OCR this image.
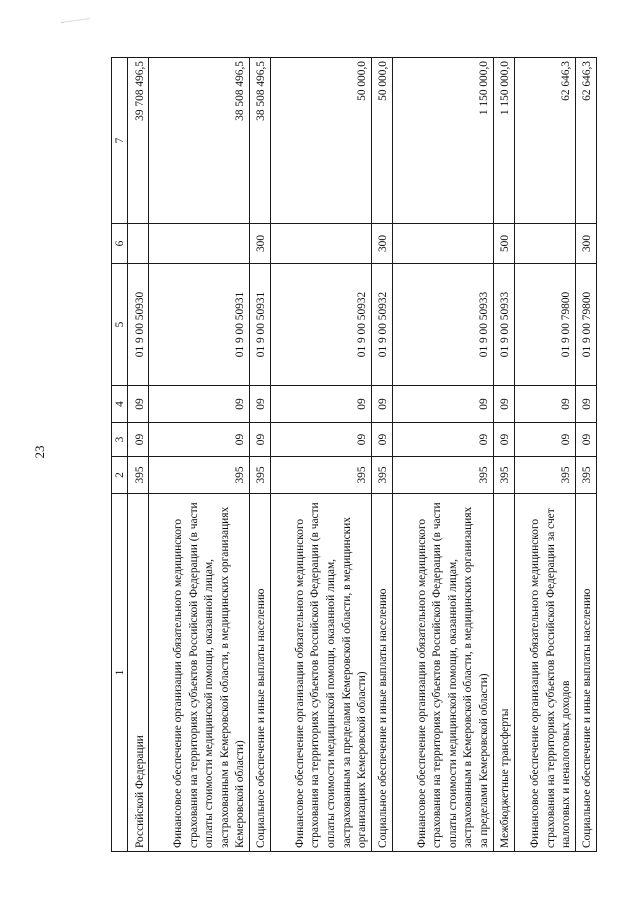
23
1	2	3	4	5	6	7
Российской Федерации	395	09	09	01 9 00 50930		39 708 496,5
Финансовое обеспечение организации обязательного медицинского страхования на территориях субъектов Российской Федерации (в части оплаты стоимости медицинской помощи, оказанной лицам, застрахованным в Кемеровской области, в медицинских организациях Кемеровской области)	395	09	09	01 9 00 50931		38 508 496,5
Социальное обеспечение и иные выплаты населению	395	09	09	01 9 00 50931	300	38 508 496,5
Финансовое обеспечение организации обязательного медицинского страхования на территориях субъектов Российской Федерации (в части оплаты стоимости медицинской помощи, оказанной лицам, застрахованным за пределами Кемеровской области, в медицинских организациях Кемеровской области)	395	09	09	01 9 00 50932		50 000,0
Социальное обеспечение и иные выплаты населению	395	09	09	01 9 00 50932	300	50 000,0
Финансовое обеспечение организации обязательного медицинского страхования на территориях субъектов Российской Федерации (в части оплаты стоимости медицинской помощи, оказанной лицам, застрахованным в Кемеровской области, в медицинских организациях за пределами Кемеровской области)	395	09	09	01 9 00 50933		1 150 000,0
Межбюджетные трансферты	395	09	09	01 9 00 50933	500	1 150 000,0
Финансовое обеспечение организации обязательного медицинского страхования на территориях субъектов Российской Федерации за счет налоговых и неналоговых доходов	395	09	09	01 9 00 79800		62 646,3
Социальное обеспечение и иные выплаты населению	395	09	09	01 9 00 79800	300	62 646,3
